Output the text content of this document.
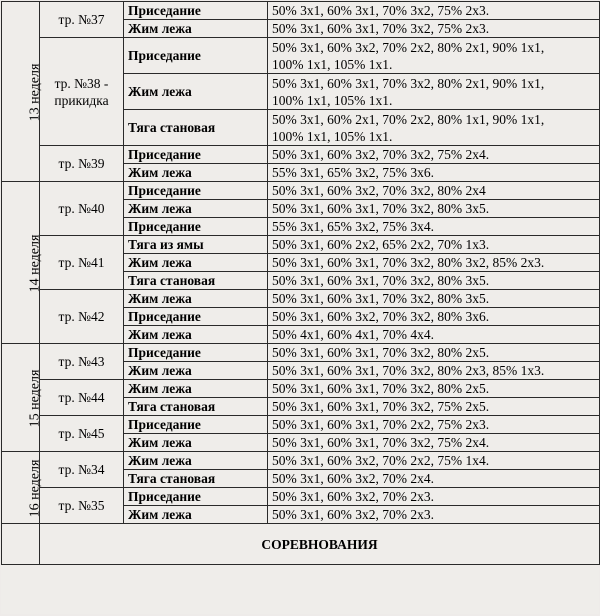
13 неделя	тр. №37	Приседание	50% 3х1, 60% 3х1, 70% 3х2, 75% 2х3.

		Жим лежа	50% 3х1, 60% 3х1, 70% 3х2, 75% 2х3.

	тр. №38 - прикидка	Приседание	50% 3х1, 60% 3х2, 70% 2х2, 80% 2х1, 90% 1х1,
100% 1х1, 105% 1х1.

		Жим лежа	50% 3х1, 60% 3х1, 70% 3х2, 80% 2х1, 90% 1х1,
100% 1х1, 105% 1х1.

		Тяга становая	50% 3х1, 60% 2х1, 70% 2х2, 80% 1х1, 90% 1х1,
100% 1х1, 105% 1х1.

	тр. №39	Приседание	50% 3х1, 60% 3х2, 70% 3х2, 75% 2х4.

		Жим лежа	55% 3х1, 65% 3х2, 75% 3х6.

14 неделя	тр. №40	Приседание	50% 3х1, 60% 3х2, 70% 3х2, 80% 2х4

		Жим лежа	50% 3х1, 60% 3х1, 70% 3х2, 80% 3х5.

		Приседание	55% 3х1, 65% 3х2, 75% 3х4.

	тр. №41	Тяга из ямы	50% 3х1, 60% 2х2, 65% 2х2, 70% 1х3.

		Жим лежа	50% 3х1, 60% 3х1, 70% 3х2, 80% 3х2, 85% 2х3.

		Тяга становая	50% 3х1, 60% 3х1, 70% 3х2, 80% 3х5.

	тр. №42	Жим лежа	50% 3х1, 60% 3х1, 70% 3х2, 80% 3х5.

		Приседание	50% 3х1, 60% 3х2, 70% 3х2, 80% 3х6.

		Жим лежа	50% 4х1, 60% 4х1, 70% 4х4.

15 неделя	тр. №43	Приседание	50% 3х1, 60% 3х1, 70% 3х2, 80% 2х5.

		Жим лежа	50% 3х1, 60% 3х1, 70% 3х2, 80% 2х3, 85% 1х3.

	тр. №44	Жим лежа	50% 3х1, 60% 3х1, 70% 3х2, 80% 2х5.

		Тяга становая	50% 3х1, 60% 3х1, 70% 3х2, 75% 2х5.

	тр. №45	Приседание	50% 3х1, 60% 3х1, 70% 2х2, 75% 2х3.

		Жим лежа	50% 3х1, 60% 3х1, 70% 3х2, 75% 2х4.

16 неделя	тр. №34	Жим лежа	50% 3х1, 60% 3х2, 70% 2х2, 75% 1х4.

		Тяга становая	50% 3х1, 60% 3х2, 70% 2х4.

	тр. №35	Приседание	50% 3х1, 60% 3х2, 70% 2х3.

		Жим лежа	50% 3х1, 60% 3х2, 70% 2х3.

	СОРЕВНОВАНИЯ		
